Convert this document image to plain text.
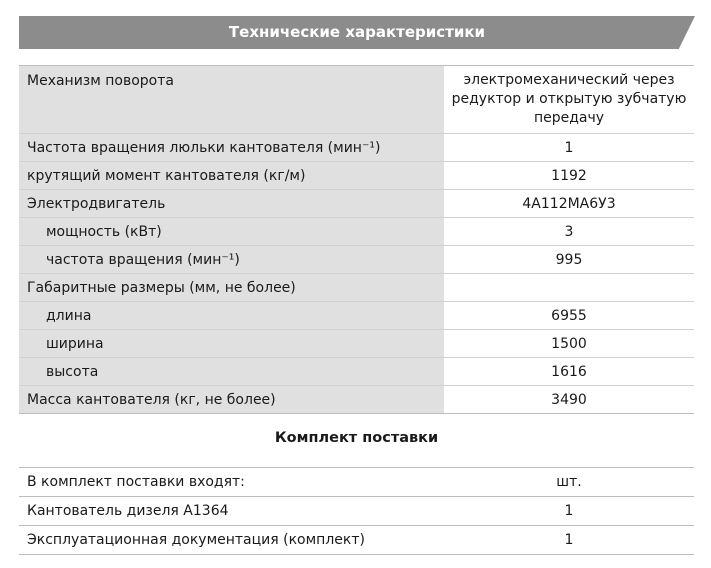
Технические характеристики
Механизм поворота	электромеханический через редуктор и открытую зубчатую передачу
Частота вращения люльки кантователя (мин⁻¹)	1
крутящий момент кантователя (кг/м)	1192
Электродвигатель	4А112МА6У3
мощность (кВт)	3
частота вращения (мин⁻¹)	995
Габаритные размеры (мм, не более)
длина	6955
ширина	1500
высота	1616
Масса кантователя (кг, не более)	3490
Комплект поставки
В комплект поставки входят:	шт.
Кантователь дизеля А1364	1
Эксплуатационная документация (комплект)	1
